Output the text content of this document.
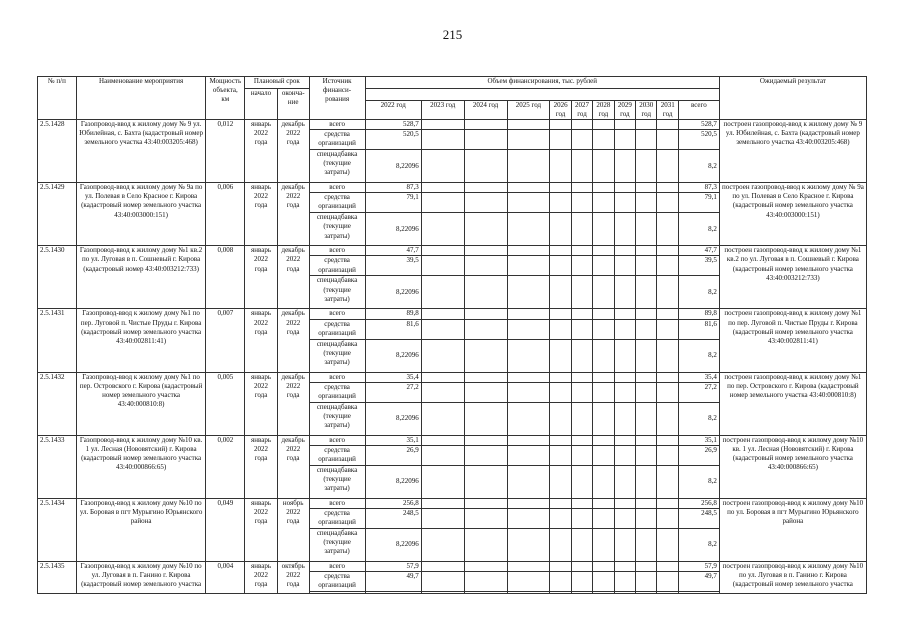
215
№ п/п	Наименование мероприятия	Мощность объекта, км	Плановый срок		Источник финанси-рования	Объем финансирования, тыс. рублей											Ожидаемый результат
			начало	оконча-ние													
						2022 год	2023 год	2024 год	2025 год	2026 год	2027 год	2028 год	2029 год	2030 год	2031 год	всего	
2.5.1428	Газопровод-ввод к жилому дому № 9 ул. Юбилейная, с. Бахта (кадастровый номер земельного участка 43:40:003205:468)	0,012	январь 2022 года	декабрь 2022 года	всего	528,7										528,7	построен газопровод-ввод к жилому дому № 9 ул. Юбилейная, с. Бахта (кадастровый номер земельного участка 43:40:003205:468)
					средства организаций	520,5										520,5	
					спецнадбавка (текущие затраты)	8,22096										8,2	
2.5.1429	Газопровод-ввод к жилому дому № 9а по ул. Полевая в Село Красное г. Кирова (кадастровый номер земельного участка 43:40:003000:151)	0,006	январь 2022 года	декабрь 2022 года	всего	87,3										87,3	построен газопровод-ввод к жилому дому № 9а по ул. Полевая в Село Красное г. Кирова (кадастровый номер земельного участка 43:40:003000:151)
					средства организаций	79,1										79,1	
					спецнадбавка (текущие затраты)	8,22096										8,2	
2.5.1430	Газопровод-ввод к жилому дому №1 кв.2 по ул. Луговая в п. Сошневый г. Кирова (кадастровый номер 43:40:003212:733)	0,008	январь 2022 года	декабрь 2022 года	всего	47,7										47,7	построен газопровод-ввод к жилому дому №1 кв.2 по ул. Луговая в п. Сошневый г. Кирова (кадастровый номер земельного участка 43:40:003212:733)
					средства организаций	39,5										39,5	
					спецнадбавка (текущие затраты)	8,22096										8,2	
2.5.1431	Газопровод-ввод к жилому дому №1 по пер. Луговой п. Чистые Пруды г. Кирова (кадастровый номер земельного участка 43:40:002811:41)	0,007	январь 2022 года	декабрь 2022 года	всего	89,8										89,8	построен газопровод-ввод к жилому дому №1 по пер. Луговой п. Чистые Пруды г. Кирова (кадастровый номер земельного участка 43:40:002811:41)
					средства организаций	81,6										81,6	
					спецнадбавка (текущие затраты)	8,22096										8,2	
2.5.1432	Газопровод-ввод к жилому дому №1 по пер. Островского г. Кирова (кадастровый номер земельного участка 43:40:000810:8)	0,005	январь 2022 года	декабрь 2022 года	всего	35,4										35,4	построен газопровод-ввод к жилому дому №1 по пер. Островского г. Кирова (кадастровый номер земельного участка 43:40:000810:8)
					средства организаций	27,2										27,2	
					спецнадбавка (текущие затраты)	8,22096										8,2	
2.5.1433	Газопровод-ввод к жилому дому №10 кв. 1 ул. Лесная (Нововятский) г. Кирова (кадастровый номер земельного участка 43:40:000866:65)	0,002	январь 2022 года	декабрь 2022 года	всего	35,1										35,1	построен газопровод-ввод к жилому дому №10 кв. 1 ул. Лесная (Нововятский) г. Кирова (кадастровый номер земельного участка 43:40:000866:65)
					средства организаций	26,9										26,9	
					спецнадбавка (текущие затраты)	8,22096										8,2	
2.5.1434	Газопровод-ввод к жилому дому №10 по ул. Боровая в пгт Мурыгино Юрьянского района	0,049	январь 2022 года	ноябрь 2022 года	всего	256,8										256,8	построен газопровод-ввод к жилому дому №10 по ул. Боровая в пгт Мурыгино Юрьянского района
					средства организаций	248,5										248,5	
					спецнадбавка (текущие затраты)	8,22096										8,2	
2.5.1435	Газопровод-ввод к жилому дому №10 по ул. Луговая в п. Ганино г. Кирова (кадастровый номер земельного участка	0,004	январь 2022 года	октябрь 2022 года	всего	57,9										57,9	построен газопровод-ввод к жилому дому №10 по ул. Луговая в п. Ганино г. Кирова (кадастровый номер земельного участка
					средства организаций	49,7										49,7	
